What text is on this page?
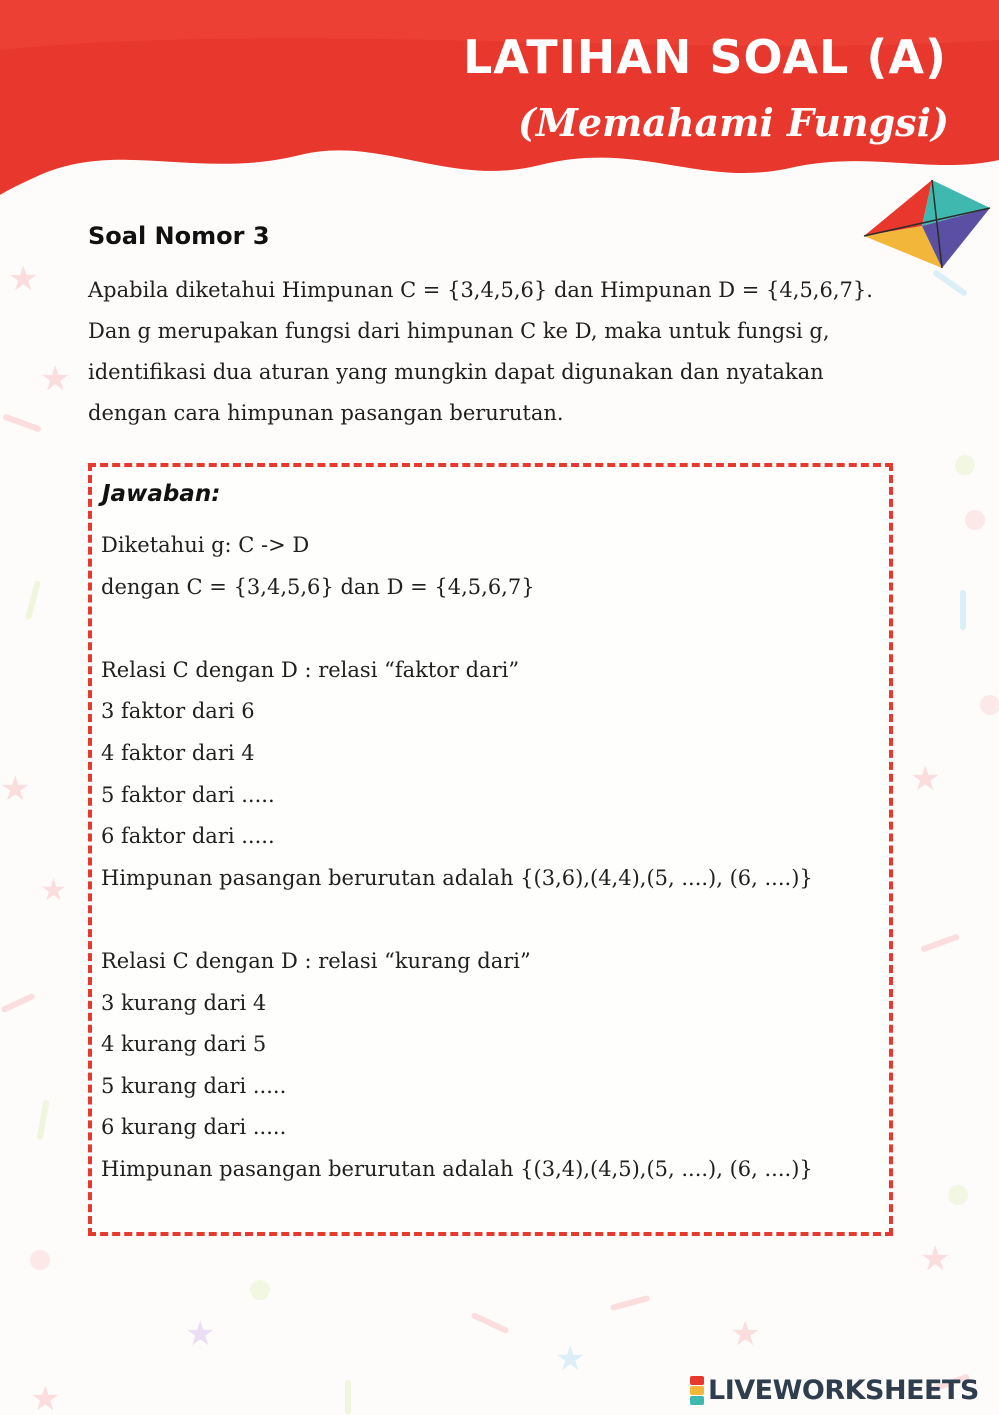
★
★
★
★
★
★
★
★
★
★
LATIHAN SOAL (A)
(Memahami Fungsi)
Soal Nomor 3

Apabila diketahui Himpunan C = {3,4,5,6} dan Himpunan D = {4,5,6,7}.
Dan g merupakan fungsi dari himpunan C ke D, maka untuk fungsi g,
identifikasi dua aturan yang mungkin dapat digunakan dan nyatakan
dengan cara himpunan pasangan berurutan.

Jawaban:
Diketahui g: C -> D
dengan C = {3,4,5,6} dan D = {4,5,6,7}
Relasi C dengan D : relasi “faktor dari”
3 faktor dari 6
4 faktor dari 4
5 faktor dari .....
6 faktor dari .....
Himpunan pasangan berurutan adalah {(3,6),(4,4),(5, ....), (6, ....)}
Relasi C dengan D : relasi “kurang dari”
3 kurang dari 4
4 kurang dari 5
5 kurang dari .....
6 kurang dari .....
Himpunan pasangan berurutan adalah {(3,4),(4,5),(5, ....), (6, ....)}
LIVEWORKSHEETS
